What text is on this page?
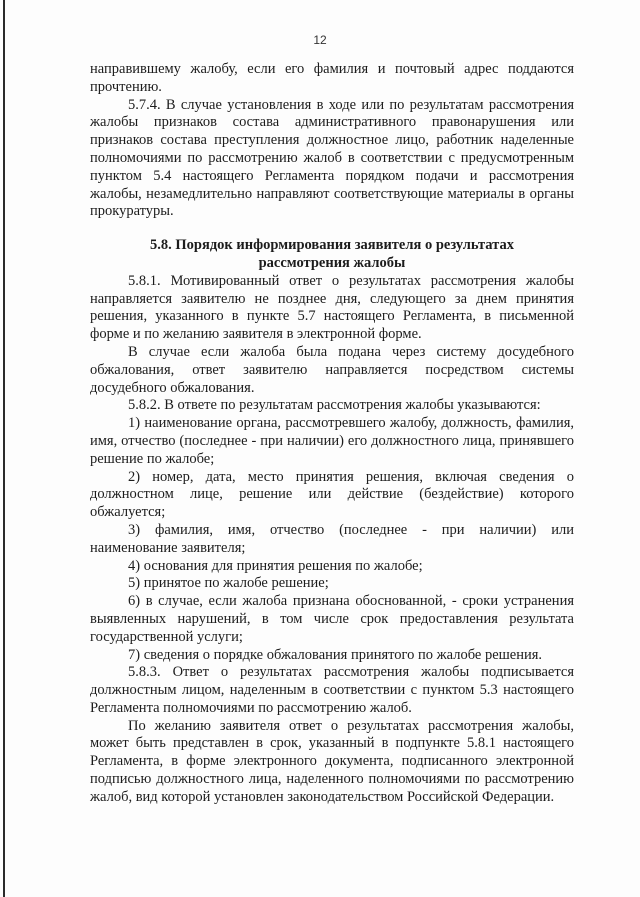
12

направившему жалобу, если его фамилия и почтовый адрес поддаются прочтению.

5.7.4. В случае установления в ходе или по результатам рассмотрения жалобы признаков состава административного правонарушения или признаков состава преступления должностное лицо, работник наделенные полномочиями по рассмотрению жалоб в соответствии с предусмотренным пунктом 5.4 настоящего Регламента порядком подачи и рассмотрения жалобы, незамедлительно направляют соответствующие материалы в органы прокуратуры.

5.8. Порядок информирования заявителя о результатах
рассмотрения жалобы

5.8.1. Мотивированный ответ о результатах рассмотрения жалобы направляется заявителю не позднее дня, следующего за днем принятия решения, указанного в пункте 5.7 настоящего Регламента, в письменной форме и по желанию заявителя в электронной форме.

В случае если жалоба была подана через систему досудебного обжалования, ответ заявителю направляется посредством системы досудебного обжалования.

5.8.2. В ответе по результатам рассмотрения жалобы указываются:

1) наименование органа, рассмотревшего жалобу, должность, фамилия, имя, отчество (последнее - при наличии) его должностного лица, принявшего решение по жалобе;

2) номер, дата, место принятия решения, включая сведения о должностном лице, решение или действие (бездействие) которого обжалуется;

3) фамилия, имя, отчество (последнее - при наличии) или наименование заявителя;

4) основания для принятия решения по жалобе;

5) принятое по жалобе решение;

6) в случае, если жалоба признана обоснованной, - сроки устранения выявленных нарушений, в том числе срок предоставления результата государственной услуги;

7) сведения о порядке обжалования принятого по жалобе решения.

5.8.3. Ответ о результатах рассмотрения жалобы подписывается должностным лицом, наделенным в соответствии с пунктом 5.3 настоящего Регламента полномочиями по рассмотрению жалоб.

По желанию заявителя ответ о результатах рассмотрения жалобы, может быть представлен в срок, указанный в подпункте 5.8.1 настоящего Регламента, в форме электронного документа, подписанного электронной подписью должностного лица, наделенного полномочиями по рассмотрению жалоб, вид которой установлен законодательством Российской Федерации.
